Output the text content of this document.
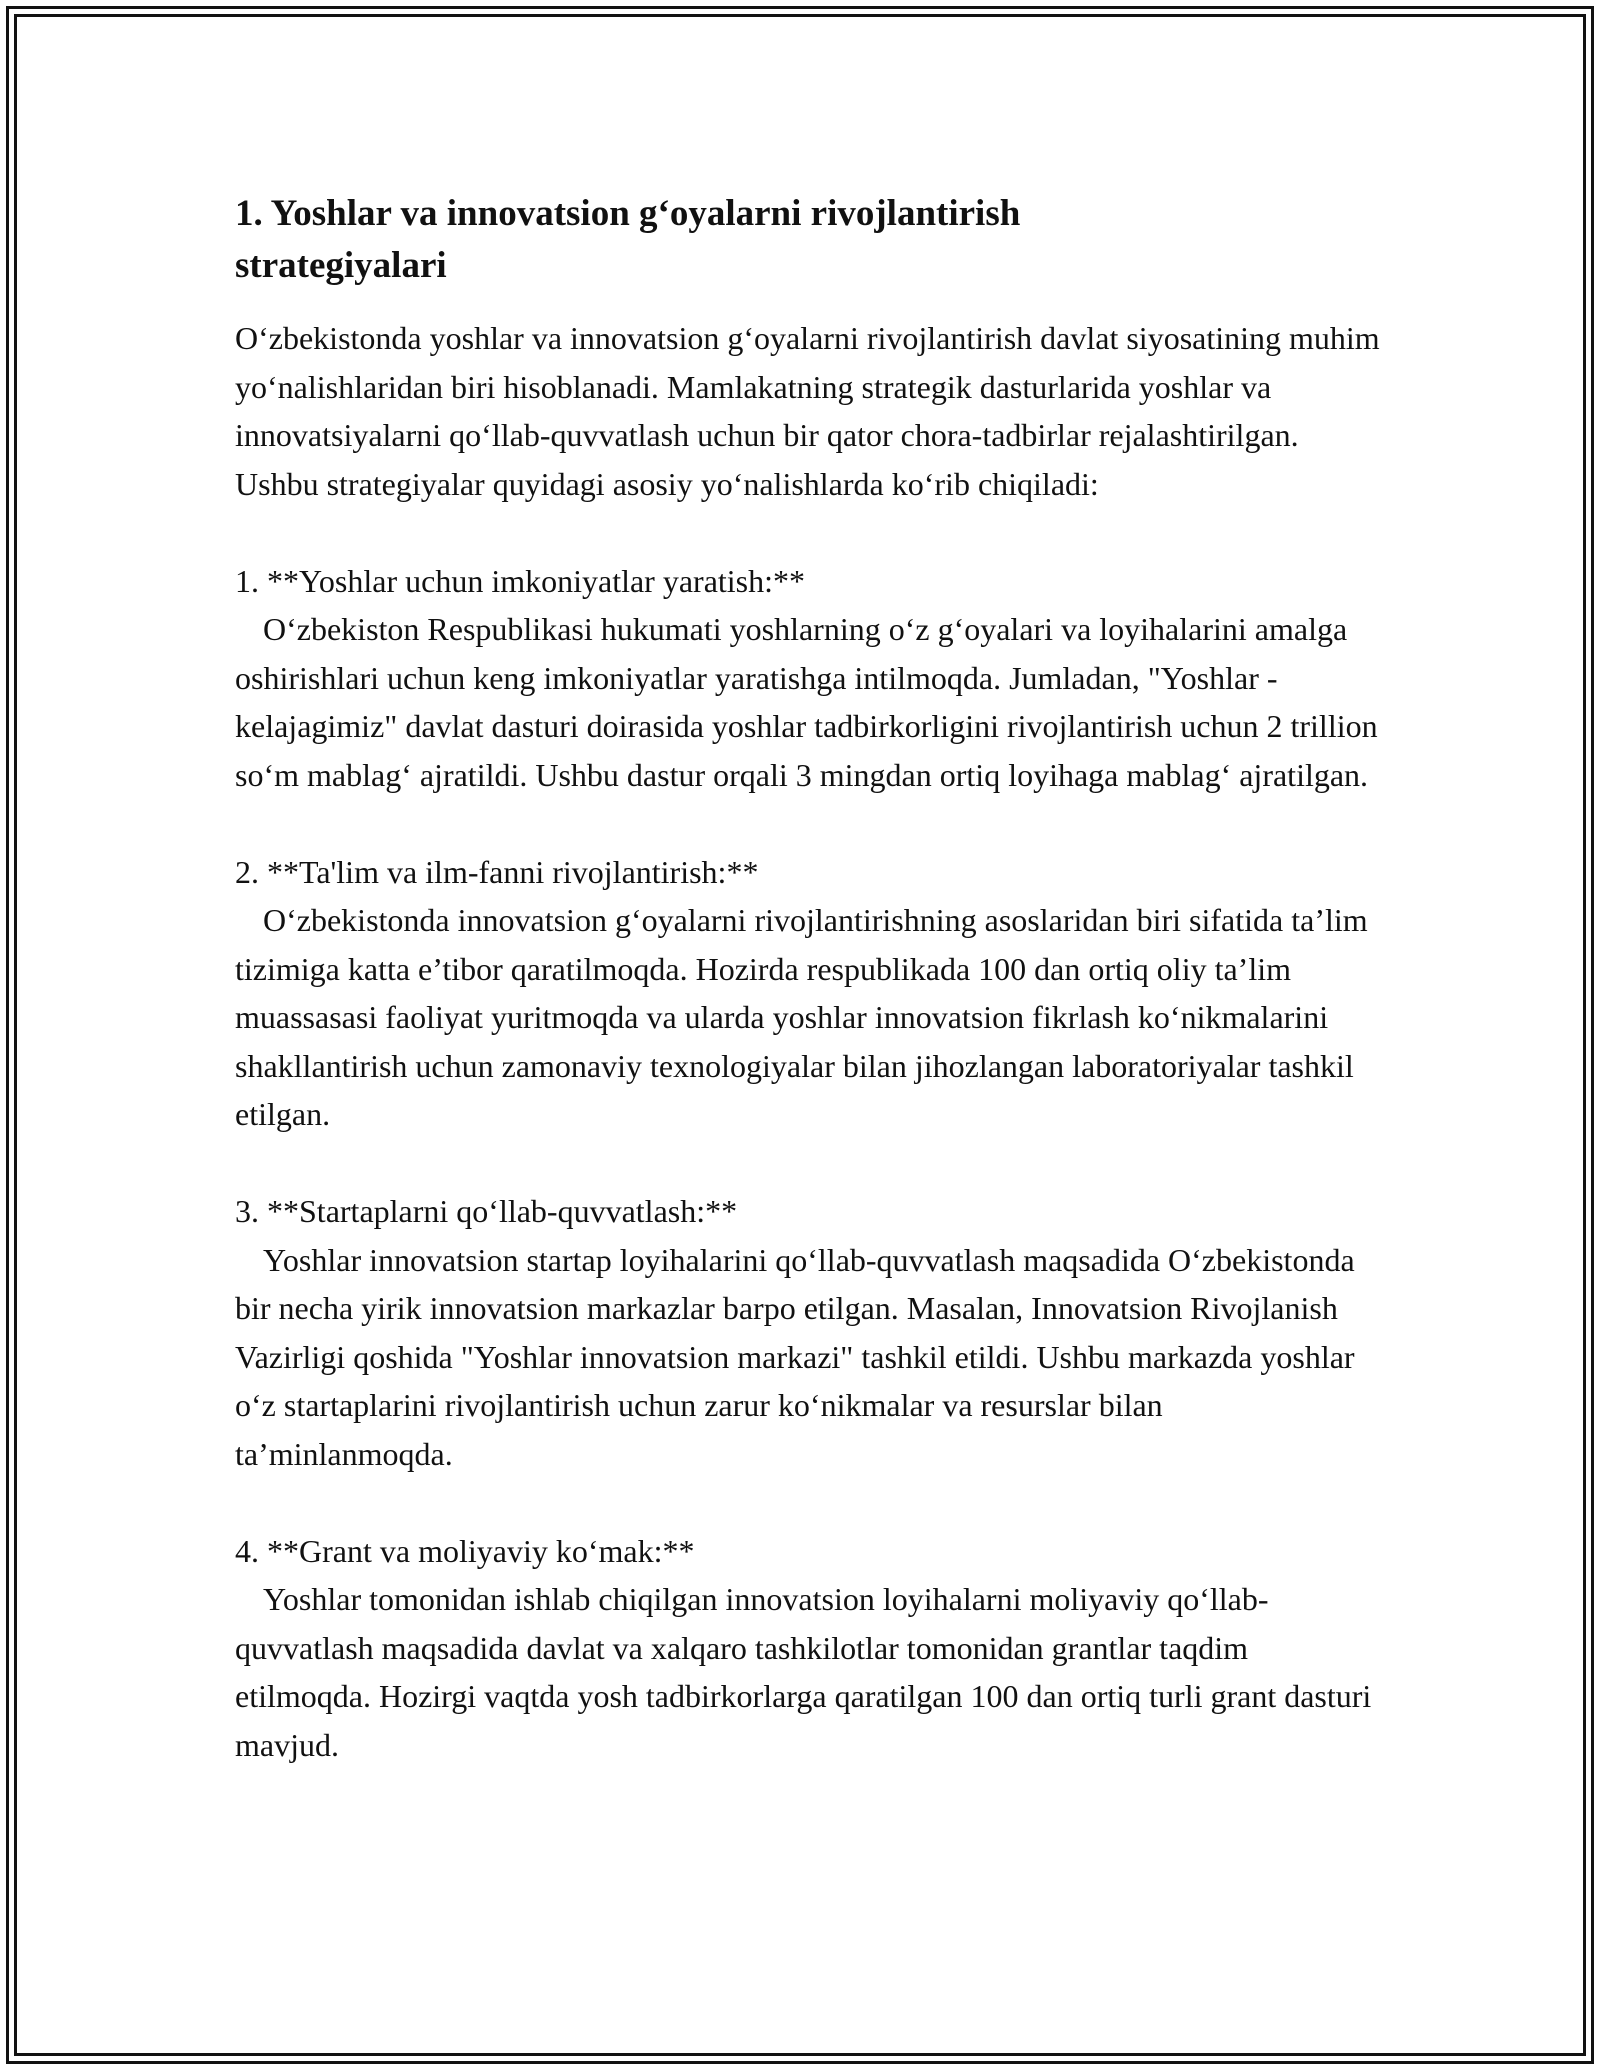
1. Yoshlar va innovatsion g‘oyalarni rivojlantirish strategiyalari

O‘zbekistonda yoshlar va innovatsion g‘oyalarni rivojlantirish davlat siyosatining muhim yo‘nalishlaridan biri hisoblanadi. Mamlakatning strategik dasturlarida yoshlar va innovatsiyalarni qo‘llab-quvvatlash uchun bir qator chora-tadbirlar rejalashtirilgan. Ushbu strategiyalar quyidagi asosiy yo‘nalishlarda ko‘rib chiqiladi:

1. **Yoshlar uchun imkoniyatlar yaratish:**

O‘zbekiston Respublikasi hukumati yoshlarning o‘z g‘oyalari va loyihalarini amalga oshirishlari uchun keng imkoniyatlar yaratishga intilmoqda. Jumladan, "Yoshlar - kelajagimiz" davlat dasturi doirasida yoshlar tadbirkorligini rivojlantirish uchun 2 trillion so‘m mablag‘ ajratildi. Ushbu dastur orqali 3 mingdan ortiq loyihaga mablag‘ ajratilgan.

2. **Ta'lim va ilm-fanni rivojlantirish:**

O‘zbekistonda innovatsion g‘oyalarni rivojlantirishning asoslaridan biri sifatida ta’lim tizimiga katta e’tibor qaratilmoqda. Hozirda respublikada 100 dan ortiq oliy ta’lim muassasasi faoliyat yuritmoqda va ularda yoshlar innovatsion fikrlash ko‘nikmalarini shakllantirish uchun zamonaviy texnologiyalar bilan jihozlangan laboratoriyalar tashkil etilgan.

3. **Startaplarni qo‘llab-quvvatlash:**

Yoshlar innovatsion startap loyihalarini qo‘llab-quvvatlash maqsadida O‘zbekistonda bir necha yirik innovatsion markazlar barpo etilgan. Masalan, Innovatsion Rivojlanish Vazirligi qoshida "Yoshlar innovatsion markazi" tashkil etildi. Ushbu markazda yoshlar o‘z startaplarini rivojlantirish uchun zarur ko‘nikmalar va resurslar bilan ta’minlanmoqda.

4. **Grant va moliyaviy ko‘mak:**

Yoshlar tomonidan ishlab chiqilgan innovatsion loyihalarni moliyaviy qo‘llab-quvvatlash maqsadida davlat va xalqaro tashkilotlar tomonidan grantlar taqdim etilmoqda. Hozirgi vaqtda yosh tadbirkorlarga qaratilgan 100 dan ortiq turli grant dasturi mavjud.
